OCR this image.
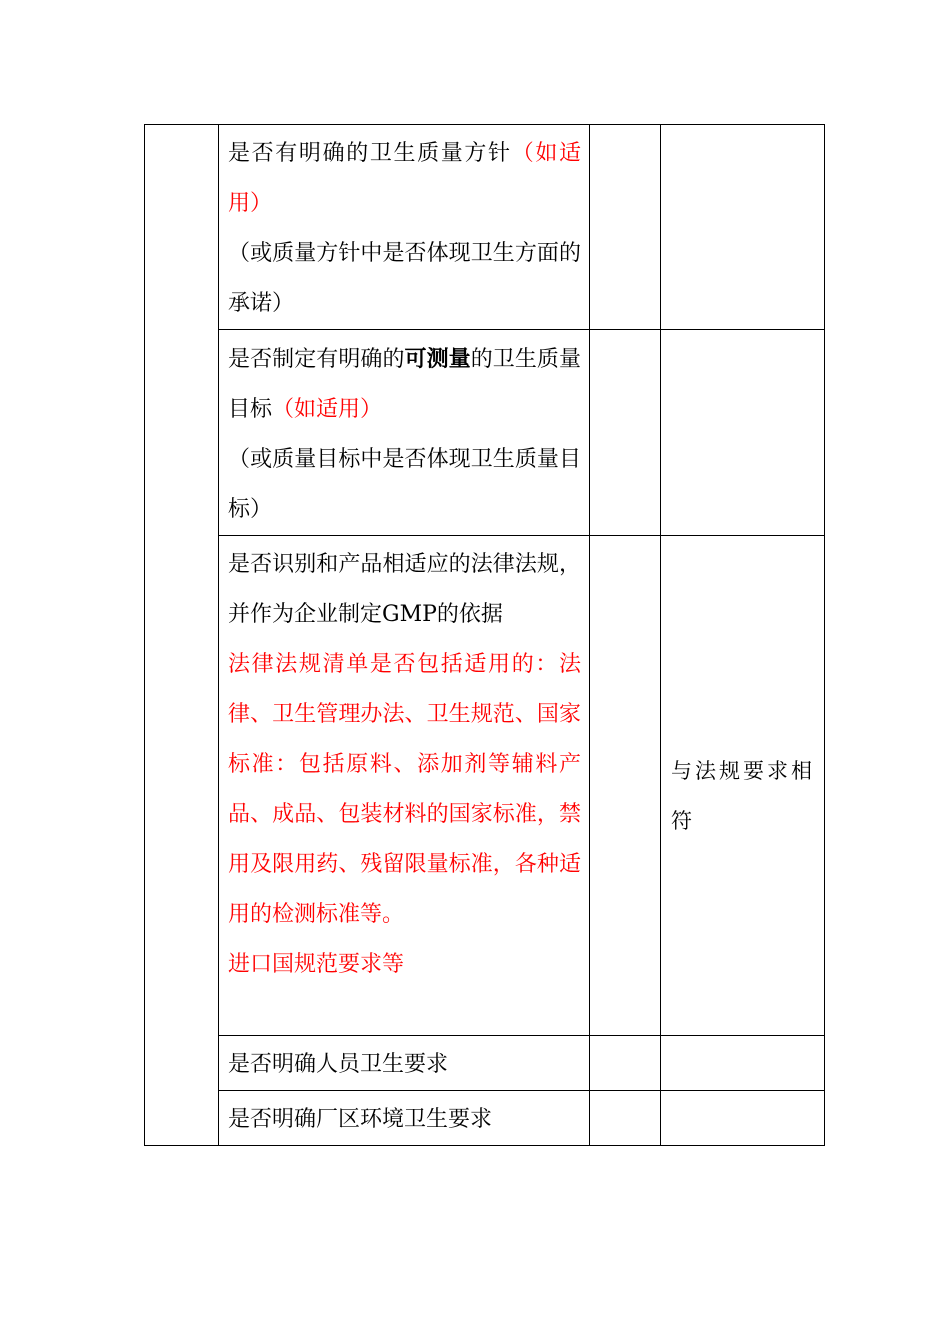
	是否有明确的卫生质量方针（如适用）
（或质量方针中是否体现卫生方面的承诺）		

	是否制定有明确的可测量的卫生质量目标（如适用）
（或质量目标中是否体现卫生质量目标）		

	是否识别和产品相适应的法律法规，并作为企业制定GMP的依据
法律法规清单是否包括适用的：法律、卫生管理办法、卫生规范、国家标准：包括原料、添加剂等辅料产品、成品、包装材料的国家标准，禁用及限用药、残留限量标准，各种适用的检测标准等。
进口国规范要求等		与法规要求相符

	是否明确人员卫生要求		

	是否明确厂区环境卫生要求		
